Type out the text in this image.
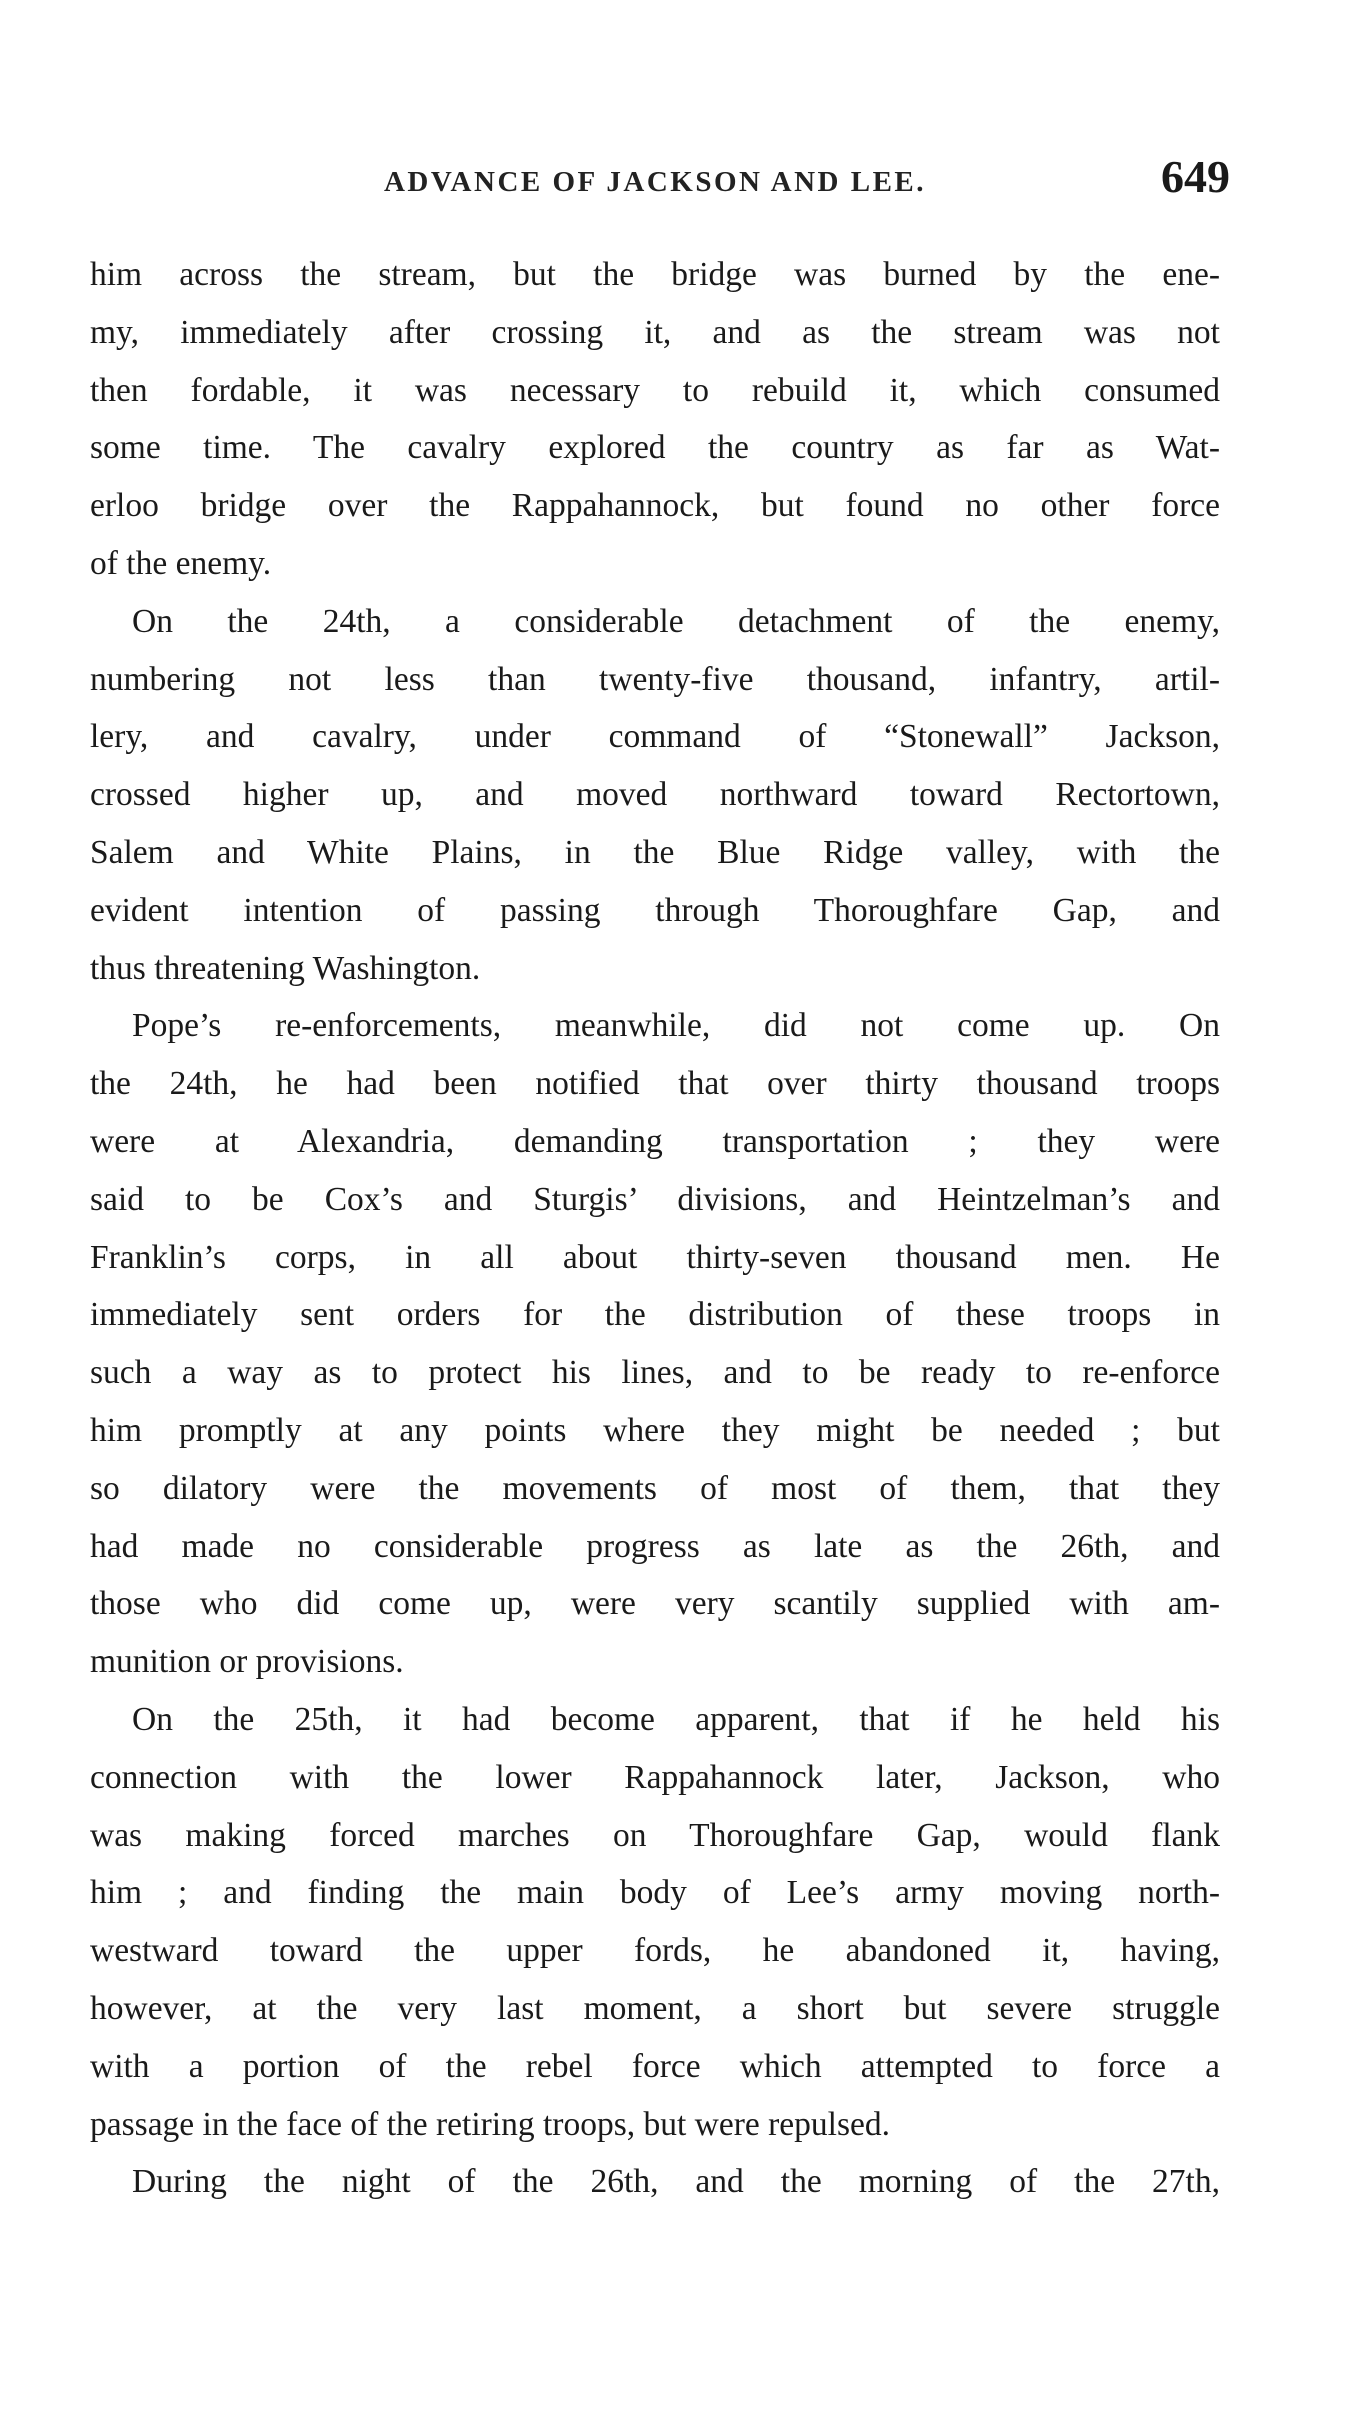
ADVANCE OF JACKSON AND LEE.	649
him across the stream, but the bridge was burned by the ene-
my, immediately after crossing it, and as the stream was not
then fordable, it was necessary to rebuild it, which consumed
some time. The cavalry explored the country as far as Wat-
erloo bridge over the Rappahannock, but found no other force
of the enemy.
On the 24th, a considerable detachment of the enemy,
numbering not less than twenty-five thousand, infantry, artil-
lery, and cavalry, under command of “Stonewall” Jackson,
crossed higher up, and moved northward toward Rectortown,
Salem and White Plains, in the Blue Ridge valley, with the
evident intention of passing through Thoroughfare Gap, and
thus threatening Washington.
Pope’s re-enforcements, meanwhile, did not come up. On
the 24th, he had been notified that over thirty thousand troops
were at Alexandria, demanding transportation ; they were
said to be Cox’s and Sturgis’ divisions, and Heintzelman’s and
Franklin’s corps, in all about thirty-seven thousand men. He
immediately sent orders for the distribution of these troops in
such a way as to protect his lines, and to be ready to re-enforce
him promptly at any points where they might be needed ; but
so dilatory were the movements of most of them, that they
had made no considerable progress as late as the 26th, and
those who did come up, were very scantily supplied with am-
munition or provisions.
On the 25th, it had become apparent, that if he held his
connection with the lower Rappahannock later, Jackson, who
was making forced marches on Thoroughfare Gap, would flank
him ; and finding the main body of Lee’s army moving north-
westward toward the upper fords, he abandoned it, having,
however, at the very last moment, a short but severe struggle
with a portion of the rebel force which attempted to force a
passage in the face of the retiring troops, but were repulsed.
During the night of the 26th, and the morning of the 27th,
